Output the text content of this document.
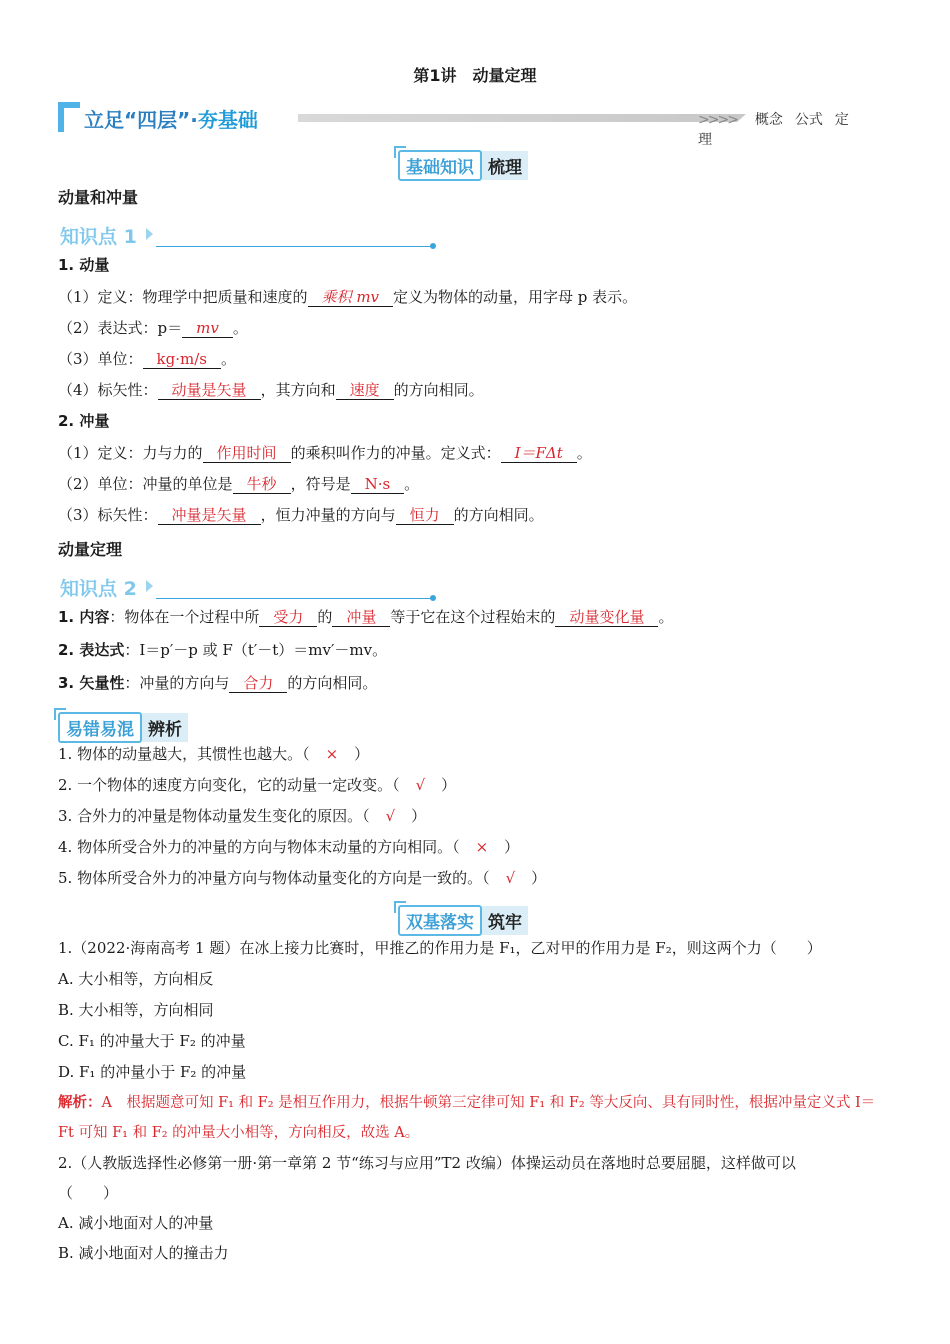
第1讲　动量定理
立足“四层”·夯基础	>>>> 概念 公式 定理
基础知识 梳理
动量和冲量
知识点 1
1. 动量
（1）定义：物理学中把质量和速度的 乘积 mv 定义为物体的动量，用字母 p 表示。
（2）表达式：p＝ mv 。
（3）单位： kg·m/s 。
（4）标矢性： 动量是矢量 ，其方向和 速度 的方向相同。
2. 冲量
（1）定义：力与力的 作用时间 的乘积叫作力的冲量。定义式： I＝FΔt 。
（2）单位：冲量的单位是 牛秒 ，符号是 N·s 。
（3）标矢性： 冲量是矢量 ，恒力冲量的方向与 恒力 的方向相同。
动量定理
知识点 2
1. 内容：物体在一个过程中所 受力 的 冲量 等于它在这个过程始末的 动量变化量 。
2. 表达式：I＝p′－p 或 F（t′－t）＝mv′－mv。
3. 矢量性：冲量的方向与 合力 的方向相同。
易错易混 辨析
1. 物体的动量越大，其惯性也越大。（ × ）
2. 一个物体的速度方向变化，它的动量一定改变。（ √ ）
3. 合外力的冲量是物体动量发生变化的原因。（ √ ）
4. 物体所受合外力的冲量的方向与物体末动量的方向相同。（ × ）
5. 物体所受合外力的冲量方向与物体动量变化的方向是一致的。（ √ ）
双基落实 筑牢
1.（2022·海南高考 1 题）在冰上接力比赛时，甲推乙的作用力是 F₁，乙对甲的作用力是 F₂，则这两个力（　　）
A. 大小相等，方向相反
B. 大小相等，方向相同
C. F₁ 的冲量大于 F₂ 的冲量
D. F₁ 的冲量小于 F₂ 的冲量
解析：A　根据题意可知 F₁ 和 F₂ 是相互作用力，根据牛顿第三定律可知 F₁ 和 F₂ 等大反向、具有同时性，根据冲量定义式 I＝Ft 可知 F₁ 和 F₂ 的冲量大小相等，方向相反，故选 A。
2.（人教版选择性必修第一册·第一章第 2 节“练习与应用”T2 改编）体操运动员在落地时总要屈腿，这样做可以
（　　）
A. 减小地面对人的冲量
B. 减小地面对人的撞击力
